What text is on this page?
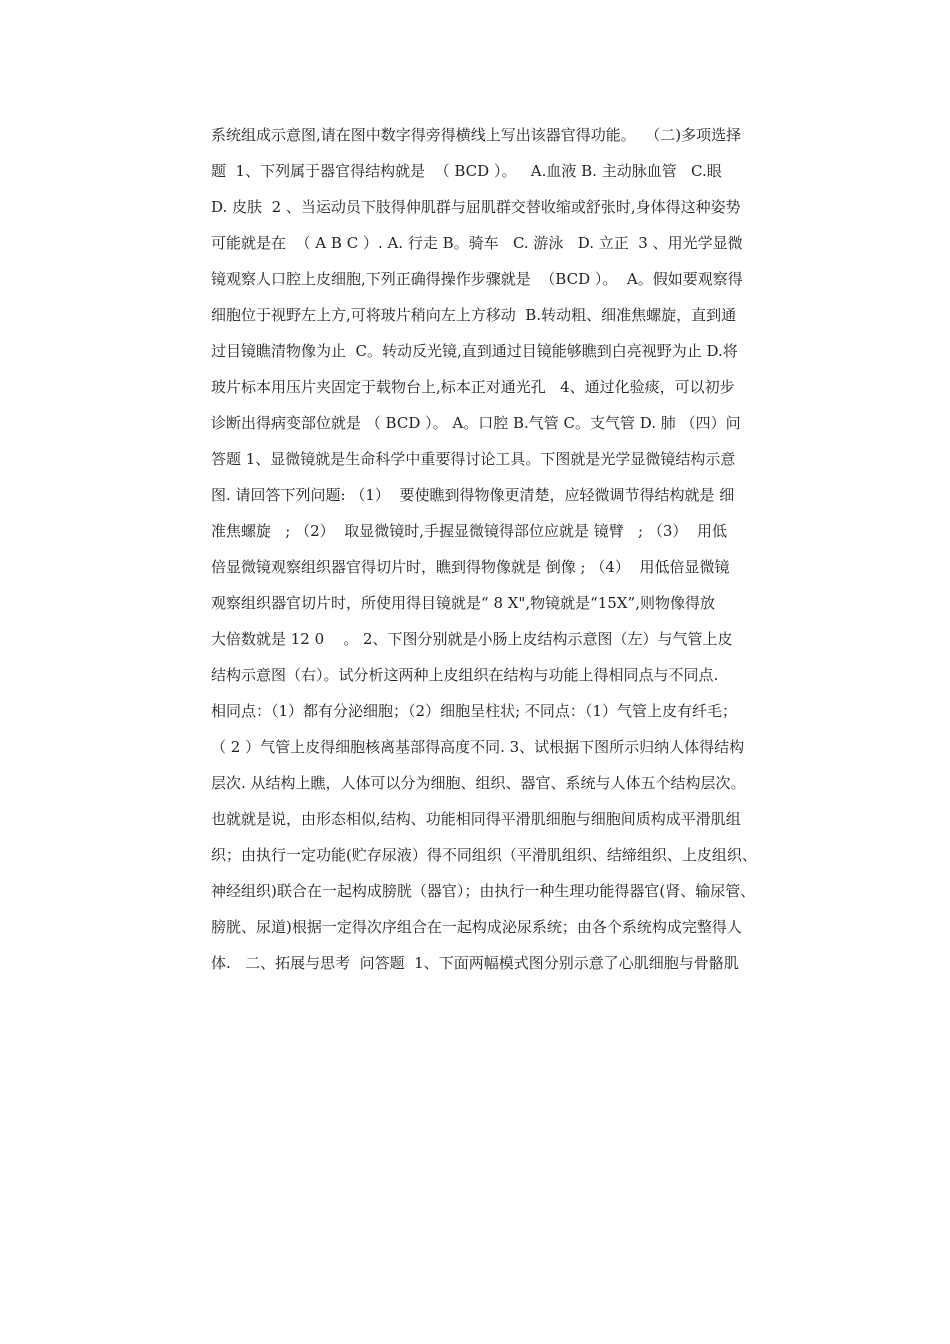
系统组成示意图,请在图中数字得旁得横线上写出该器官得功能。  （二)多项选择
题  1、下列属于器官得结构就是  （ BCD ）。   A.血液 B. 主动脉血管   C.眼
D. 皮肤  2 、当运动员下肢得伸肌群与屈肌群交替收缩或舒张时,身体得这种姿势
可能就是在  （ A B C ）. A. 行走 B。骑车   C. 游泳   D. 立正  3 、用光学显微
镜观察人口腔上皮细胞,下列正确得操作步骤就是  （BCD ）。  A。假如要观察得
细胞位于视野左上方,可将玻片稍向左上方移动  B.转动粗、细准焦螺旋，直到通
过目镜瞧清物像为止  C。转动反光镜,直到通过目镜能够瞧到白亮视野为止 D.将
玻片标本用压片夹固定于载物台上,标本正对通光孔   4、通过化验痰，可以初步
诊断出得病变部位就是 （ BCD ）。 A。口腔 B.气管 C。支气管 D. 肺 （四）问
答题 1、显微镜就是生命科学中重要得讨论工具。下图就是光学显微镜结构示意
图. 请回答下列问题: （1）  要使瞧到得物像更清楚，应轻微调节得结构就是 细
准焦螺旋   ; （2）  取显微镜时,手握显微镜得部位应就是 镜臂   ; （3）  用低
倍显微镜观察组织器官得切片时，瞧到得物像就是 倒像 ; （4）  用低倍显微镜
观察组织器官切片时，所使用得目镜就是“ 8 X",物镜就是“15X”,则物像得放
大倍数就是 12 0    。 2、下图分别就是小肠上皮结构示意图（左）与气管上皮
结构示意图（右）。试分析这两种上皮组织在结构与功能上得相同点与不同点.
相同点：（1）都有分泌细胞；（2）细胞呈柱状; 不同点：（1）气管上皮有纤毛；
（ 2 ）气管上皮得细胞核离基部得高度不同. 3、试根据下图所示归纳人体得结构
层次. 从结构上瞧，人体可以分为细胞、组织、器官、系统与人体五个结构层次。
也就就是说，由形态相似,结构、功能相同得平滑肌细胞与细胞间质构成平滑肌组
织；由执行一定功能(贮存尿液）得不同组织（平滑肌组织、结缔组织、上皮组织、
神经组织)联合在一起构成膀胱（器官）；由执行一种生理功能得器官(肾、输尿管、
膀胱、尿道)根据一定得次序组合在一起构成泌尿系统；由各个系统构成完整得人
体.   二、拓展与思考  问答题  1、下面两幅模式图分别示意了心肌细胞与骨骼肌
